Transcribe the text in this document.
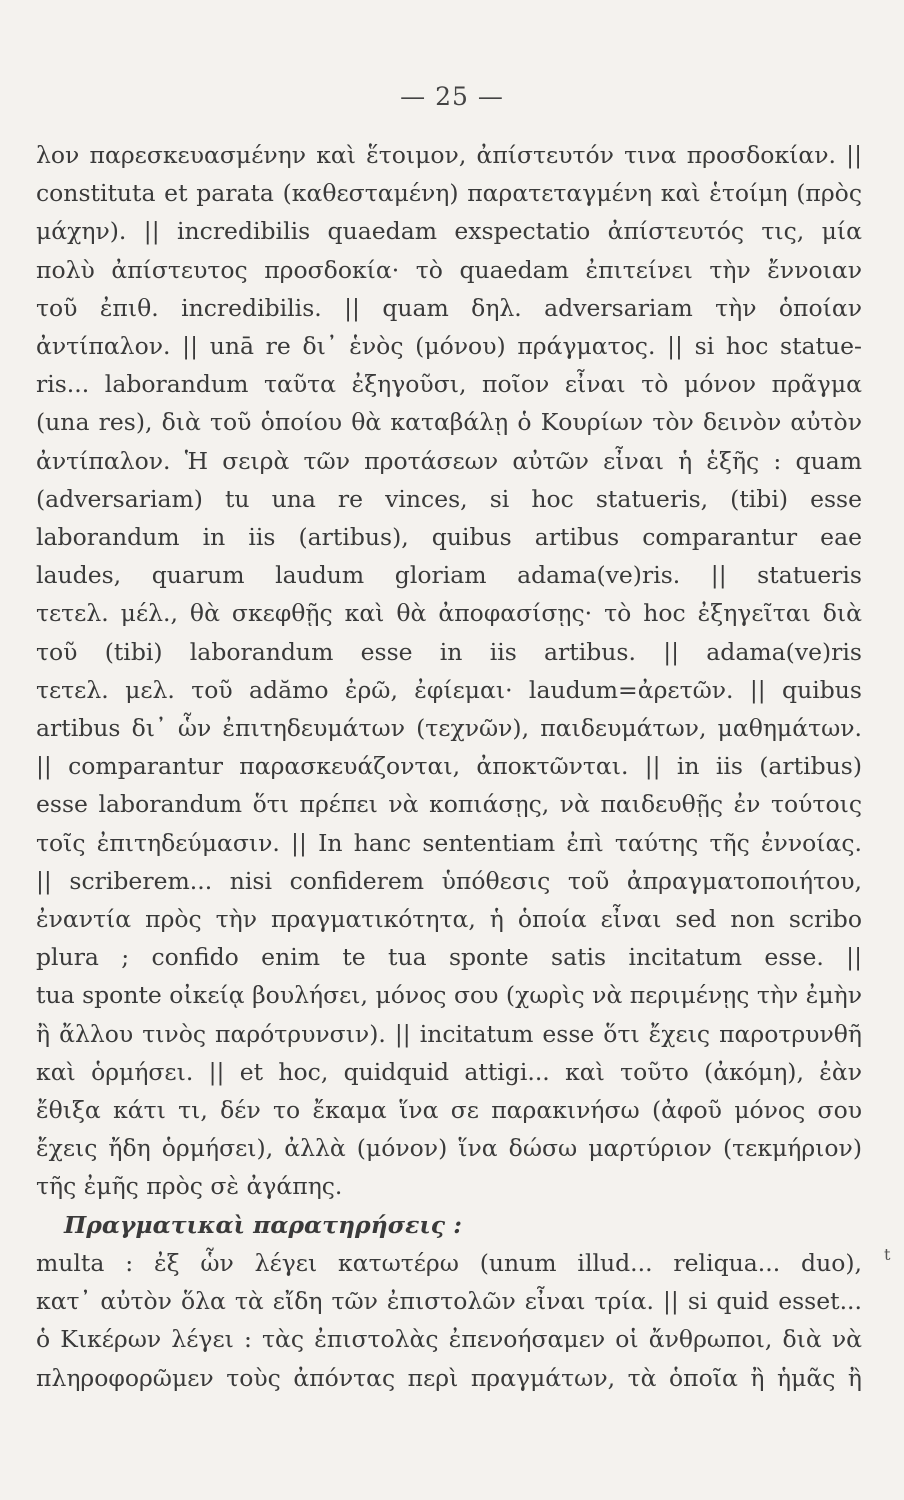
— 25 —
λον παρεσκευασμένην καὶ ἕτοιμον, ἀπίστευτόν τινα προσδοκίαν. ||
constituta et parata (καθεσταμένη) παρατεταγμένη καὶ ἑτοίμη (πρὸς
μάχην). || incredibilis quaedam exspectatio ἀπίστευτός τις, μία
πολὺ ἀπίστευτος προσδοκία· τὸ quaedam ἐπιτείνει τὴν ἔννοιαν
τοῦ ἐπιθ. incredibilis. || quam δηλ. adversariam τὴν ὁποίαν
ἀντίπαλον. || unā re δι᾽ ἑνὸς (μόνου) πράγματος. || si hoc statue-
ris... laborandum ταῦτα ἐξηγοῦσι, ποῖον εἶναι τὸ μόνον πρᾶγμα
(una res), διὰ τοῦ ὁποίου θὰ καταβάλῃ ὁ Κουρίων τὸν δεινὸν αὐτὸν
ἀντίπαλον. Ἡ σειρὰ τῶν προτάσεων αὐτῶν εἶναι ἡ ἑξῆς : quam
(adversariam) tu una re vinces, si hoc statueris, (tibi) esse
laborandum in iis (artibus), quibus artibus comparantur eae
laudes, quarum laudum gloriam adama(ve)ris. || statueris
τετελ. μέλ., θὰ σκεφθῇς καὶ θὰ ἀποφασίσῃς· τὸ hoc ἐξηγεῖται διὰ
τοῦ (tibi) laborandum esse in iis artibus. || adama(ve)ris
τετελ. μελ. τοῦ adămo ἐρῶ, ἐφίεμαι· laudum=ἀρετῶν. || quibus
artibus δι᾽ ὧν ἐπιτηδευμάτων (τεχνῶν), παιδευμάτων, μαθημάτων.
|| comparantur παρασκευάζονται, ἀποκτῶνται. || in iis (artibus)
esse laborandum ὅτι πρέπει νὰ κοπιάσῃς, νὰ παιδευθῇς ἐν τούτοις
τοῖς ἐπιτηδεύμασιν. || In hanc sententiam ἐπὶ ταύτης τῆς ἐννοίας.
|| scriberem... nisi confiderem ὑπόθεσις τοῦ ἀπραγματοποιήτου,
ἐναντία πρὸς τὴν πραγματικότητα, ἡ ὁποία εἶναι sed non scribo
plura ; confido enim te tua sponte satis incitatum esse. ||
tua sponte οἰκείᾳ βουλήσει, μόνος σου (χωρὶς νὰ περιμένῃς τὴν ἐμὴν
ἢ ἄλλου τινὸς παρότρυνσιν). || incitatum esse ὅτι ἔχεις παροτρυνθῆ
καὶ ὁρμήσει. || et hoc, quidquid attigi... καὶ τοῦτο (ἀκόμη), ἐὰν
ἔθιξα κάτι τι, δέν το ἔκαμα ἵνα σε παρακινήσω (ἀφοῦ μόνος σου
ἔχεις ἤδη ὁρμήσει), ἀλλὰ (μόνον) ἵνα δώσω μαρτύριον (τεκμήριον)
τῆς ἐμῆς πρὸς σὲ ἀγάπης.
Πραγματικαὶ παρατηρήσεις :
multa : ἐξ ὧν λέγει κατωτέρω (unum illud... reliqua... duo),
κατ᾽ αὐτὸν ὅλα τὰ εἴδη τῶν ἐπιστολῶν εἶναι τρία. || si quid esset...
ὁ Κικέρων λέγει : τὰς ἐπιστολὰς ἐπενοήσαμεν οἱ ἄνθρωποι, διὰ νὰ
πληροφορῶμεν τοὺς ἀπόντας περὶ πραγμάτων, τὰ ὁποῖα ἢ ἡμᾶς ἢ
t
